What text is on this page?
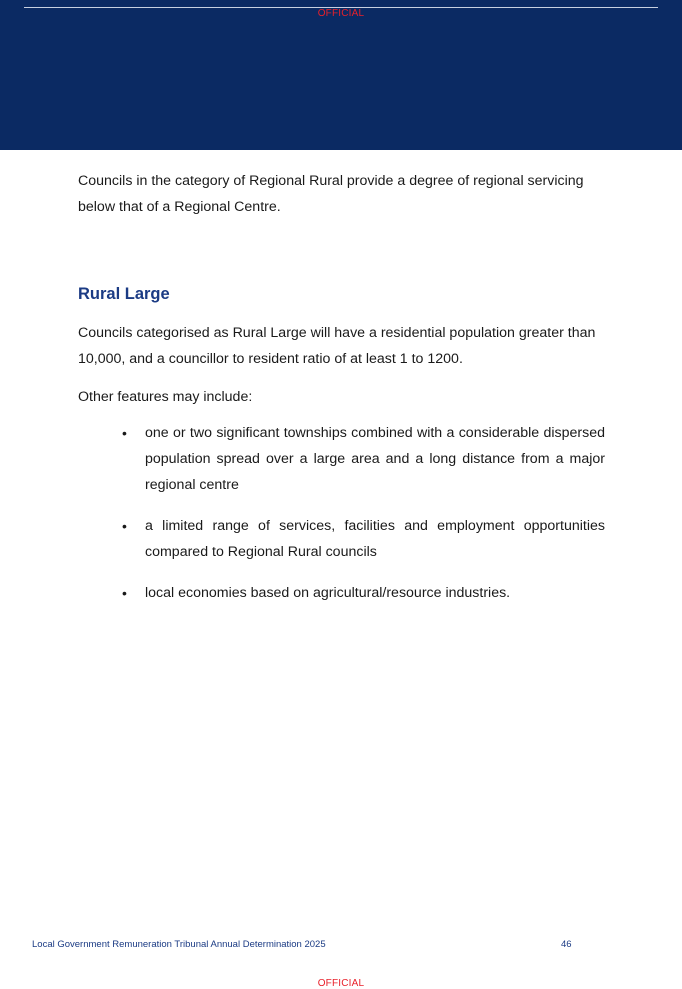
OFFICIAL

Councils in the category of Regional Rural provide a degree of regional servicing below that of a Regional Centre.

Rural Large

Councils categorised as Rural Large will have a residential population greater than 10,000, and a councillor to resident ratio of at least 1 to 1200.

Other features may include:

•	one or two significant townships combined with a considerable dispersed population spread over a large area and a long distance from a major regional centre
•	a limited range of services, facilities and employment opportunities compared to Regional Rural councils
•	local economies based on agricultural/resource industries.
Local Government Remuneration Tribunal Annual Determination 2025	46
OFFICIAL
